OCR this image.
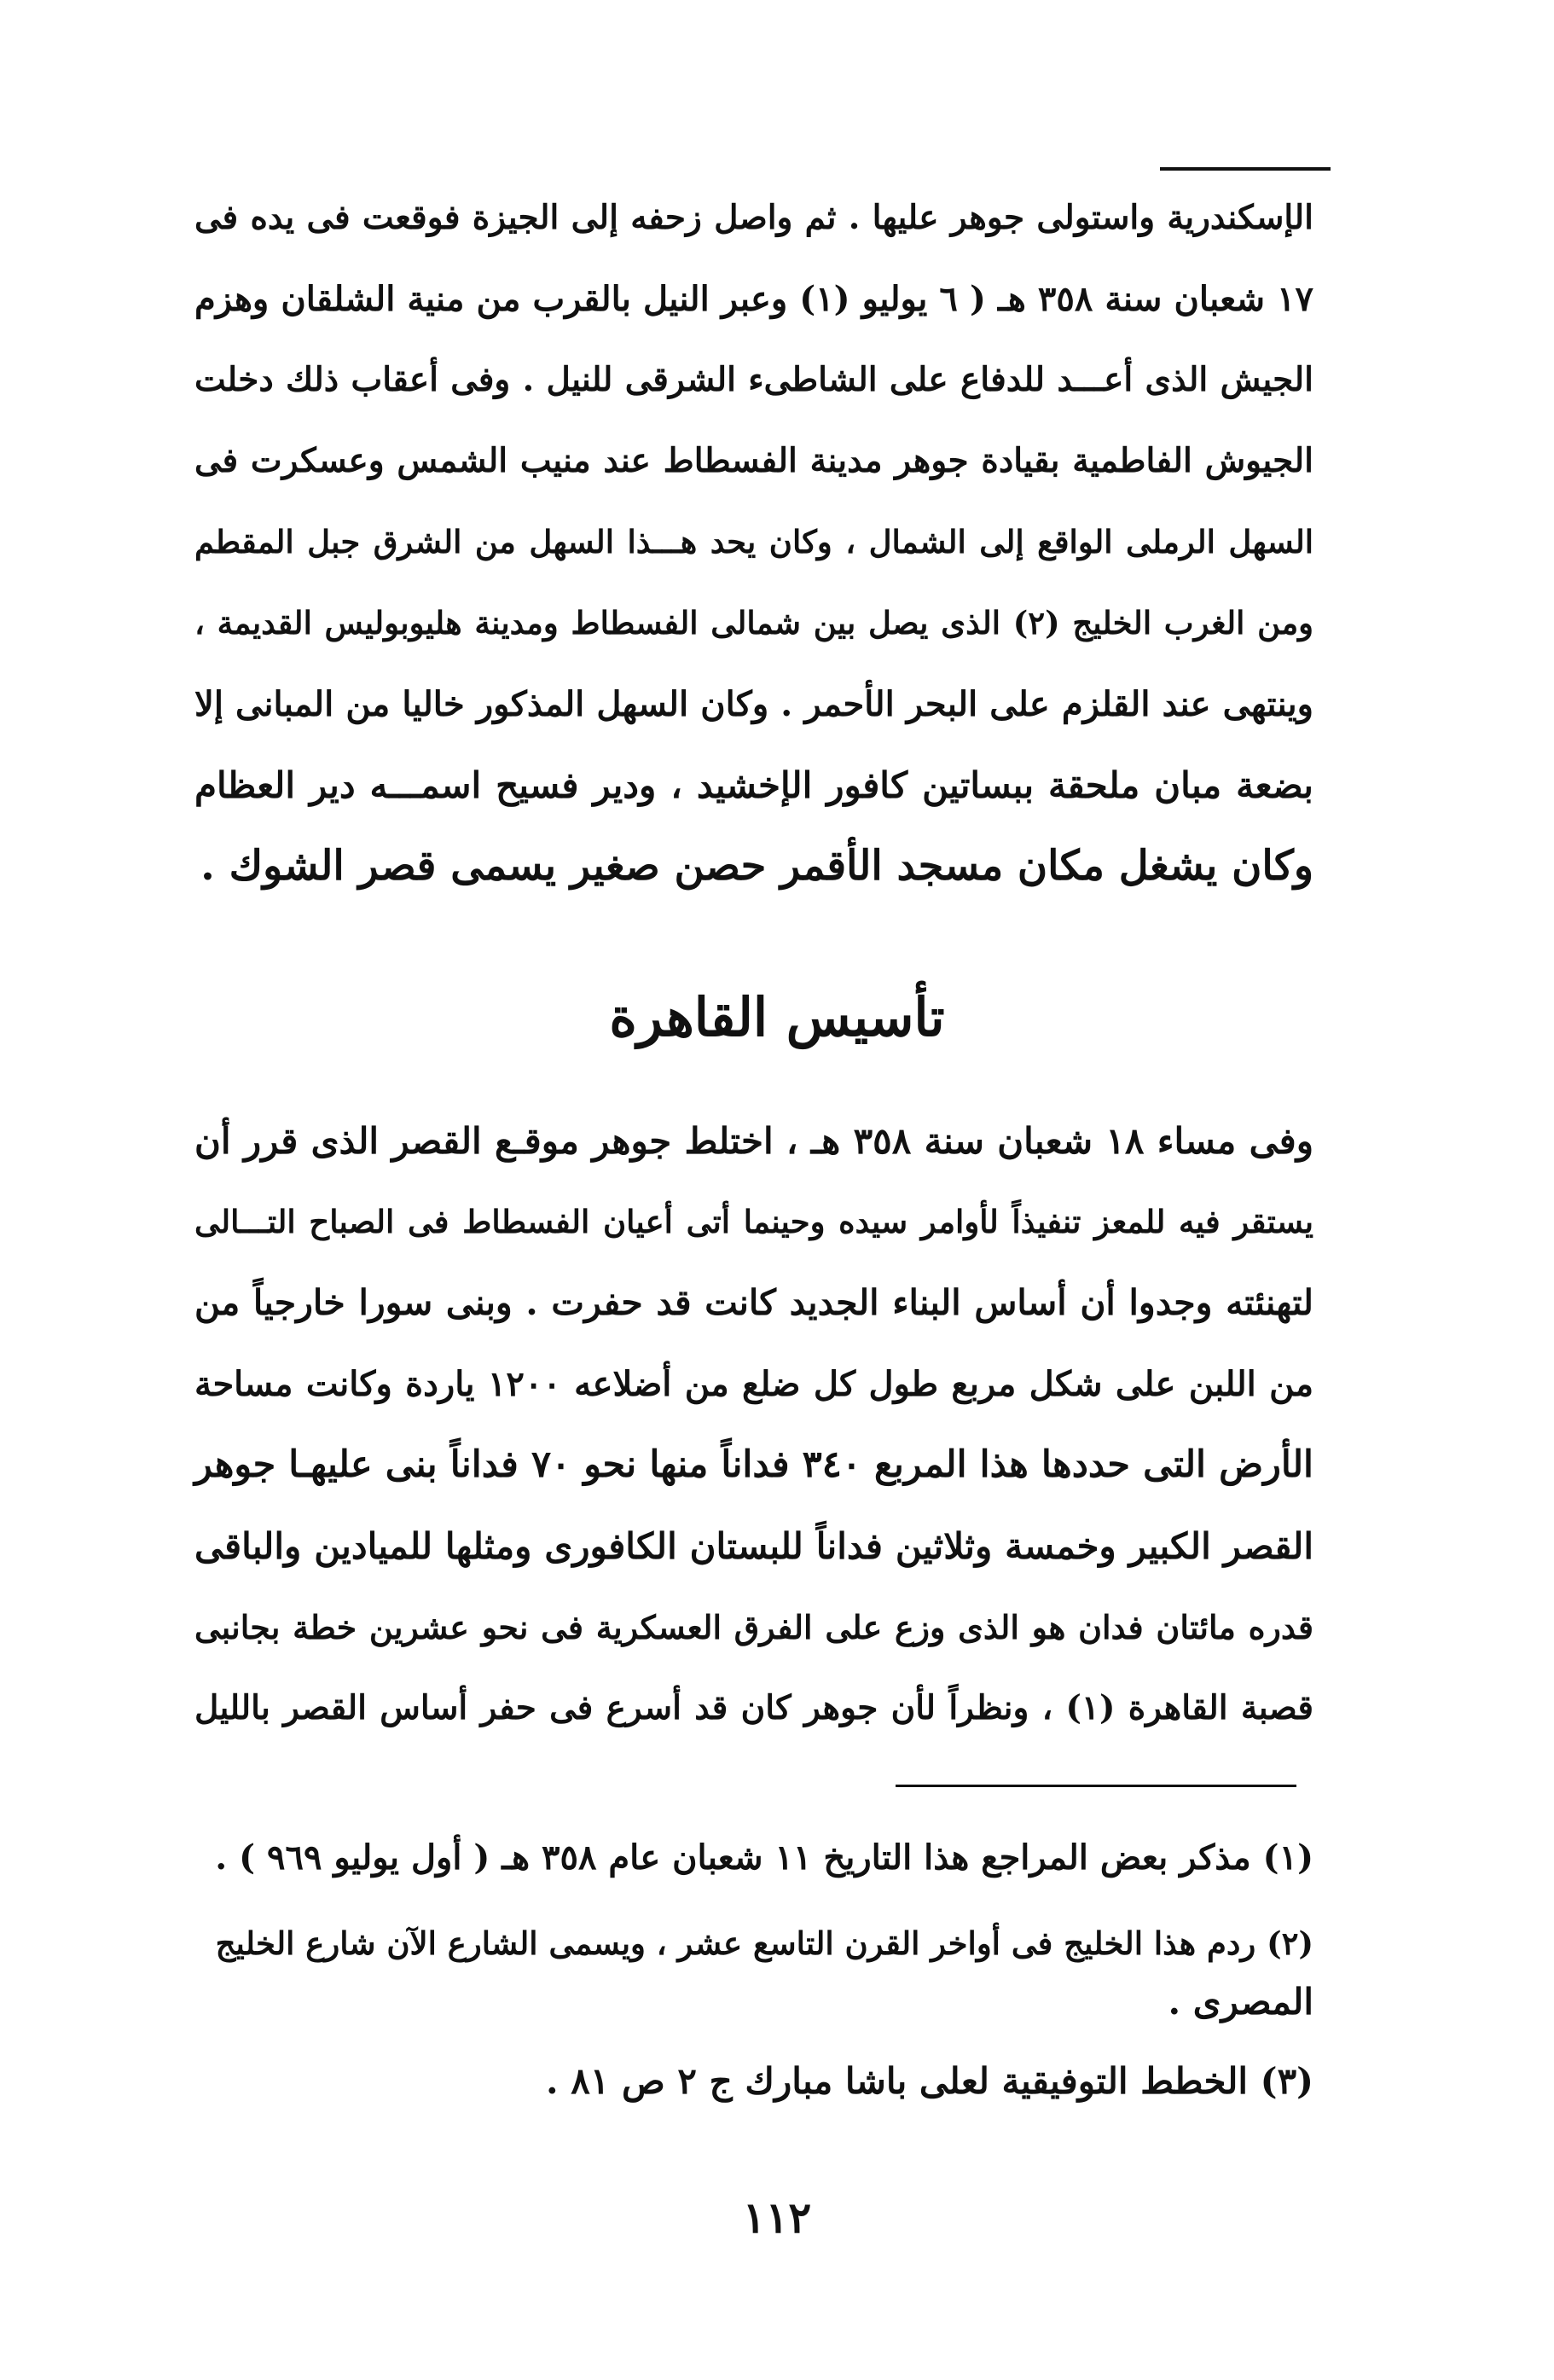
الإسكندرية واستولى جوهر عليها . ثم واصل زحفه إلى الجيزة فوقعت فى يده فى

١٧ شعبان سنة ٣٥٨ هـ ( ٦ يوليو (١) وعبر النيل بالقرب من منية الشلقان وهزم

الجيش الذى أعـــد للدفاع على الشاطىء الشرقى للنيل . وفى أعقاب ذلك دخلت

الجيوش الفاطمية بقيادة جوهر مدينة الفسطاط عند منيب الشمس وعسكرت فى

السهل الرملى الواقع إلى الشمال ، وكان يحد هـــذا السهل من الشرق جبل المقطم

ومن الغرب الخليج (٢) الذى يصل بين شمالى الفسطاط ومدينة هليوبوليس القديمة ،

وينتهى عند القلزم على البحر الأحمر . وكان السهل المذكور خاليا من المبانى إلا

بضعة مبان ملحقة ببساتين كافور الإخشيد ، ودير فسيح اسمـــه دير العظام

وكان يشغل مكان مسجد الأقمر حصن صغير يسمى قصر الشوك .

تأسيس القاهرة

وفى مساء ١٨ شعبان سنة ٣٥٨ هـ ، اختلط جوهر موقـع القصر الذى قرر أن

يستقر فيه للمعز تنفيذاً لأوامر سيده وحينما أتى أعيان الفسطاط فى الصباح التـــالى

لتهنئته وجدوا أن أساس البناء الجديد كانت قد حفرت . وبنى سورا خارجياً من

من اللبن على شكل مربع طول كل ضلع من أضلاعه ١٢٠٠ ياردة وكانت مساحة

الأرض التى حددها هذا المربع ٣٤٠ فداناً منها نحو ٧٠ فداناً بنى عليهـا جوهر

القصر الكبير وخمسة وثلاثين فداناً للبستان الكافورى ومثلها للميادين والباقى

قدره مائتان فدان هو الذى وزع على الفرق العسكرية فى نحو عشرين خطة بجانبى

قصبة القاهرة (١) ، ونظراً لأن جوهر كان قد أسرع فى حفر أساس القصر بالليل

(١) مذكر بعض المراجع هذا التاريخ ١١ شعبان عام ٣٥٨ هـ ( أول يوليو ٩٦٩ ) .

(٢) ردم هذا الخليج فى أواخر القرن التاسع عشر ، ويسمى الشارع الآن شارع الخليج

المصرى .

(٣) الخطط التوفيقية لعلى باشا مبارك ج ٢ ص ٨١ .

١١٢
